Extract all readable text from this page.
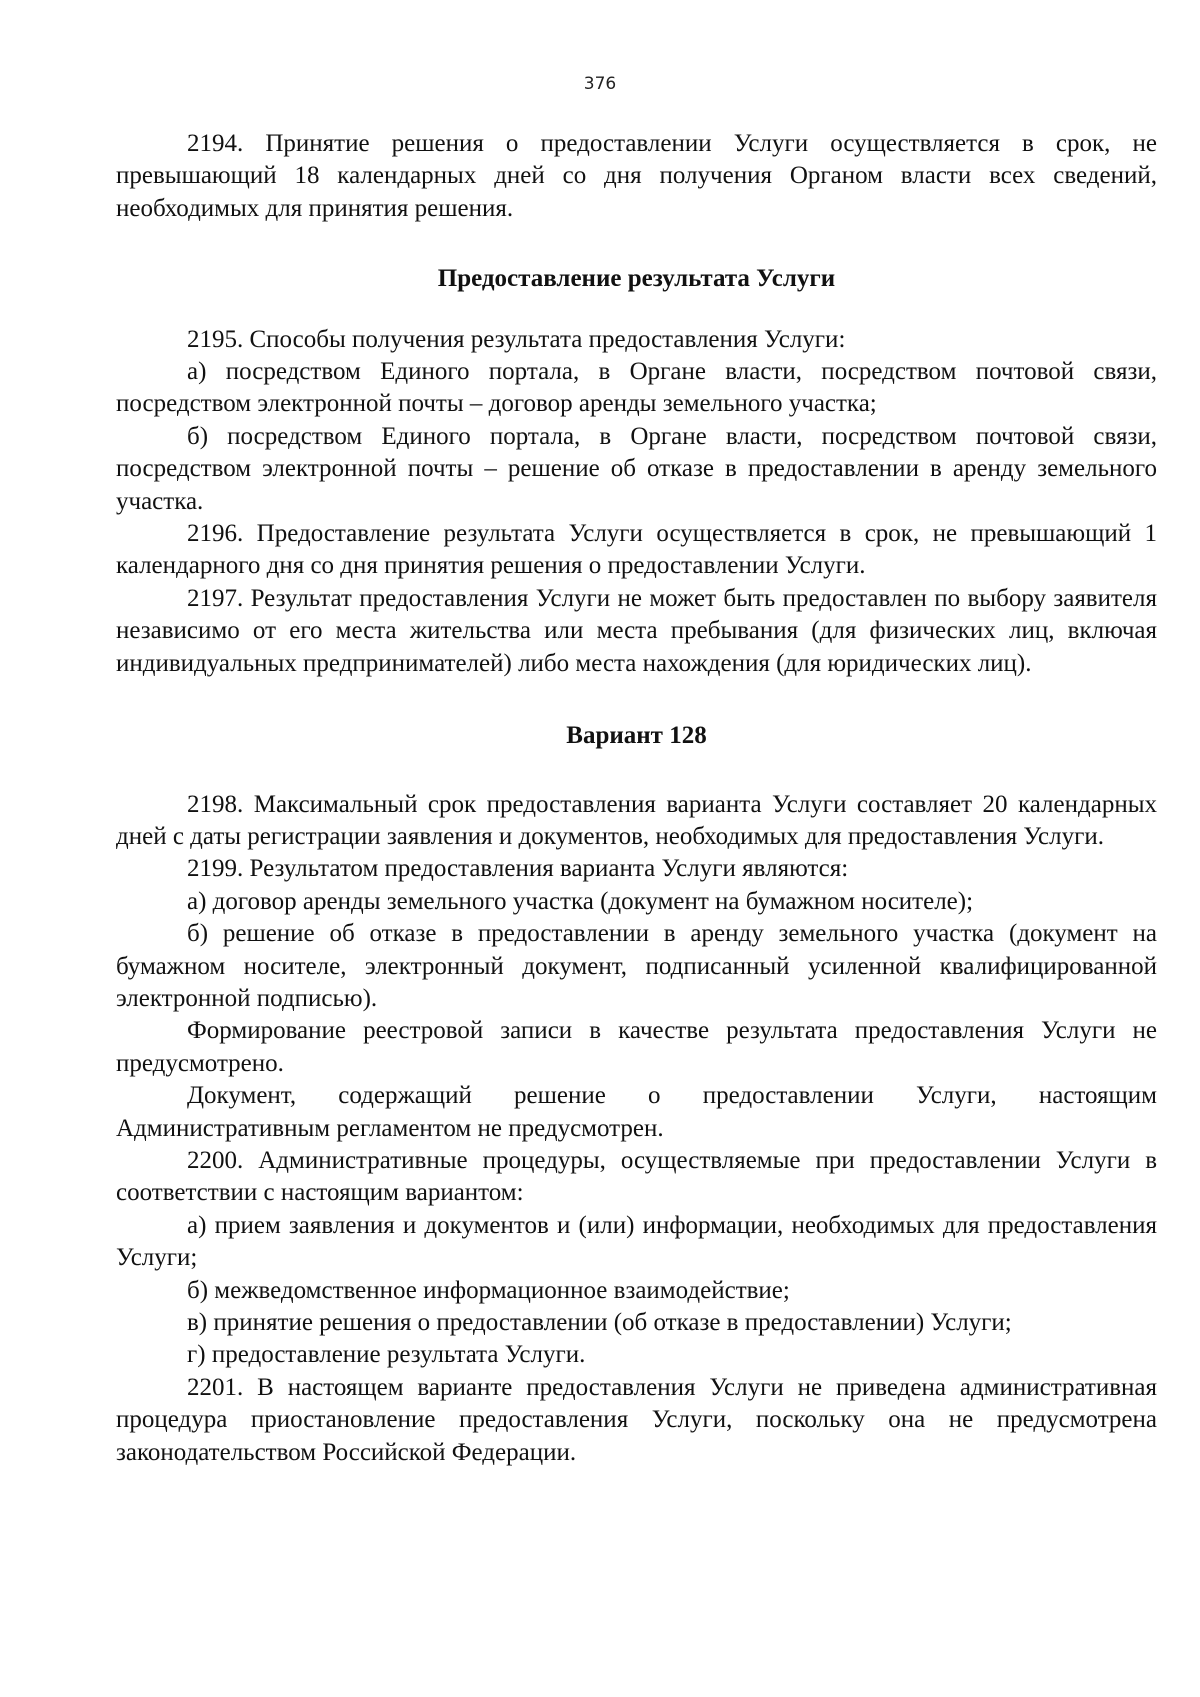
376

2194. Принятие решения о предоставлении Услуги осуществляется в срок, не превышающий 18 календарных дней со дня получения Органом власти всех сведений, необходимых для принятия решения.

Предоставление результата Услуги

2195. Способы получения результата предоставления Услуги:

а) посредством Единого портала, в Органе власти, посредством почтовой связи, посредством электронной почты – договор аренды земельного участка;

б) посредством Единого портала, в Органе власти, посредством почтовой связи, посредством электронной почты – решение об отказе в предоставлении в аренду земельного участка.

2196. Предоставление результата Услуги осуществляется в срок, не превышающий 1 календарного дня со дня принятия решения о предоставлении Услуги.

2197. Результат предоставления Услуги не может быть предоставлен по выбору заявителя независимо от его места жительства или места пребывания (для физических лиц, включая индивидуальных предпринимателей) либо места нахождения (для юридических лиц).

Вариант 128

2198. Максимальный срок предоставления варианта Услуги составляет 20 календарных дней с даты регистрации заявления и документов, необходимых для предоставления Услуги.

2199. Результатом предоставления варианта Услуги являются:

а) договор аренды земельного участка (документ на бумажном носителе);

б) решение об отказе в предоставлении в аренду земельного участка (документ на бумажном носителе, электронный документ, подписанный усиленной квалифицированной электронной подписью).

Формирование реестровой записи в качестве результата предоставления Услуги не предусмотрено.

Документ, содержащий решение о предоставлении Услуги, настоящим Административным регламентом не предусмотрен.

2200. Административные процедуры, осуществляемые при предоставлении Услуги в соответствии с настоящим вариантом:

а) прием заявления и документов и (или) информации, необходимых для предоставления Услуги;

б) межведомственное информационное взаимодействие;

в) принятие решения о предоставлении (об отказе в предоставлении) Услуги;

г) предоставление результата Услуги.

2201. В настоящем варианте предоставления Услуги не приведена административная процедура приостановление предоставления Услуги, поскольку она не предусмотрена законодательством Российской Федерации.
